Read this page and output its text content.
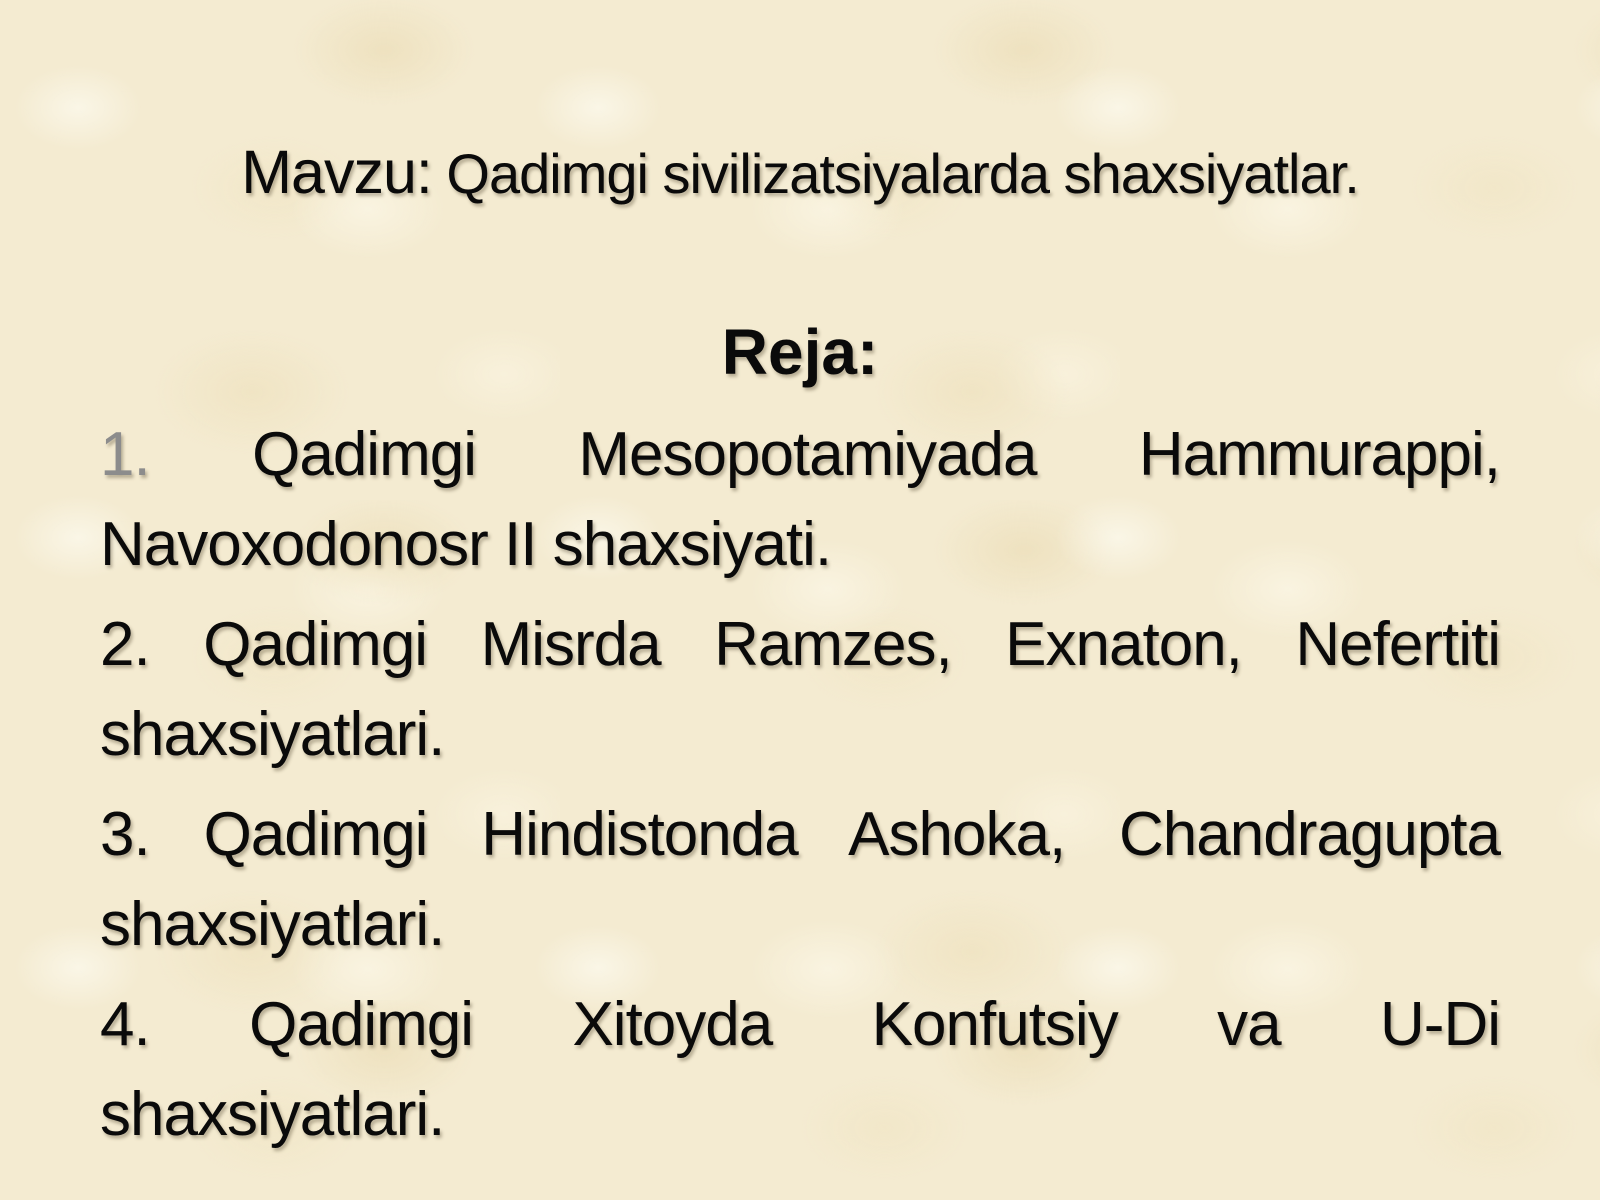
Mavzu: Qadimgi sivilizatsiyalarda shaxsiyatlar.

Reja:

1. Qadimgi Mesopotamiyada Hammurappi,
Navoxodonosr II shaxsiyati.

2. Qadimgi Misrda Ramzes, Exnaton, Nefertiti
shaxsiyatlari.

3. Qadimgi Hindistonda Ashoka, Chandragupta
shaxsiyatlari.

4. Qadimgi Xitoyda Konfutsiy va U-Di
shaxsiyatlari.
